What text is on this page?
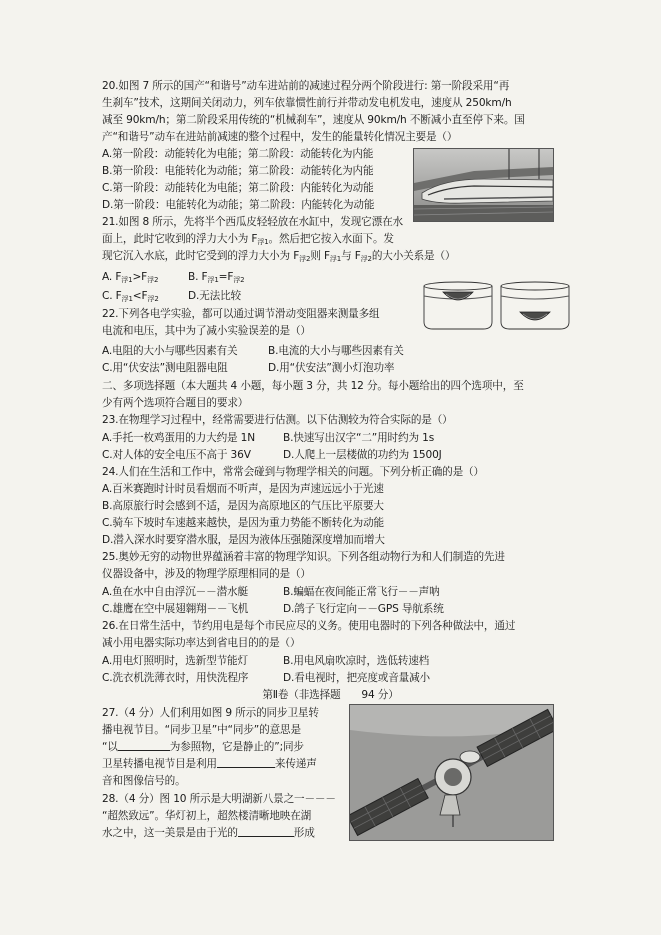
20.如图 7 所示的国产“和谐号”动车进站前的减速过程分两个阶段进行: 第一阶段采用“再
生刹车”技术，这期间关闭动力，列车依靠惯性前行并带动发电机发电，速度从 250km/h
减至 90km/h；第二阶段采用传统的“机械刹车”，速度从 90km/h 不断减小直至停下来。国
产“和谐号”动车在进站前减速的整个过程中，发生的能量转化情况主要是（）
A.第一阶段：动能转化为电能；第二阶段：动能转化为内能
B.第一阶段：电能转化为动能；第二阶段：动能转化为内能
C.第一阶段：动能转化为电能；第二阶段：内能转化为动能
D.第一阶段：电能转化为动能；第二阶段：内能转化为动能
21.如图 8 所示，先将半个西瓜皮轻轻放在水缸中，发现它漂在水
面上，此时它收到的浮力大小为 $F_{浮1}$。然后把它按入水面下。发
现它沉入水底，此时它受到的浮力大小为 $F_{浮2}$则 $F_{浮1}$与 $F_{浮2}$的大小关系是（）
A. $F_{浮1}>F_{浮2}$	B. $F_{浮1}=F_{浮2}$
C. $F_{浮1}<F_{浮2}$	D.无法比较
22.下列各电学实验，都可以通过调节滑动变阻器来测量多组
电流和电压，其中为了减小实验误差的是（）
A.电阻的大小与哪些因素有关	B.电流的大小与哪些因素有关
C.用“伏安法”测电阻器电阻	D.用“伏安法”测小灯泡功率
二、多项选择题（本大题共 4 小题，每小题 3 分，共 12 分。每小题给出的四个选项中，至
少有两个选项符合题目的要求）
23.在物理学习过程中，经常需要进行估测。以下估测较为符合实际的是（）
A.手托一枚鸡蛋用的力大约是 1N	B.快速写出汉字“二”用时约为 1s
C.对人体的安全电压不高于 36V	D.人爬上一层楼做的功约为 1500J
24.人们在生活和工作中，常常会碰到与物理学相关的问题。下列分析正确的是（）
A.百米赛跑时计时员看烟而不听声，是因为声速远远小于光速
B.高原旅行时会感到不适，是因为高原地区的气压比平原要大
C.骑车下坡时车速越来越快，是因为重力势能不断转化为动能
D.潜入深水时要穿潜水服，是因为液体压强随深度增加而增大
25.奥妙无穷的动物世界蕴涵着丰富的物理学知识。下列各组动物行为和人们制造的先进
仪器设备中，涉及的物理学原理相同的是（）
A.鱼在水中自由浮沉－－潜水艇	B.蝙蝠在夜间能正常飞行－－声呐
C.雄鹰在空中展翅翱翔－－飞机	D.鸽子飞行定向－－GPS 导航系统
26.在日常生活中，节约用电是每个市民应尽的义务。使用电器时的下列各种做法中，通过
减小用电器实际功率达到省电目的的是（）
A.用电灯照明时，选新型节能灯	B.用电风扇吹凉时，选低转速档
C.洗衣机洗薄衣时，用快洗程序	D.看电视时，把亮度或音量减小
第Ⅱ卷（非选择题　　94 分）
27.（4 分）人们利用如图 9 所示的同步卫星转
播电视节目。“同步卫星”中“同步”的意思是
“以	为参照物，它是静止的”;同步
卫星转播电视节目是利用	来传递声
音和图像信号的。
28.（4 分）图 10 所示是大明湖新八景之一－－－
“超然致远”。华灯初上，超然楼清晰地映在湖
水之中，这一美景是由于光的	形成
